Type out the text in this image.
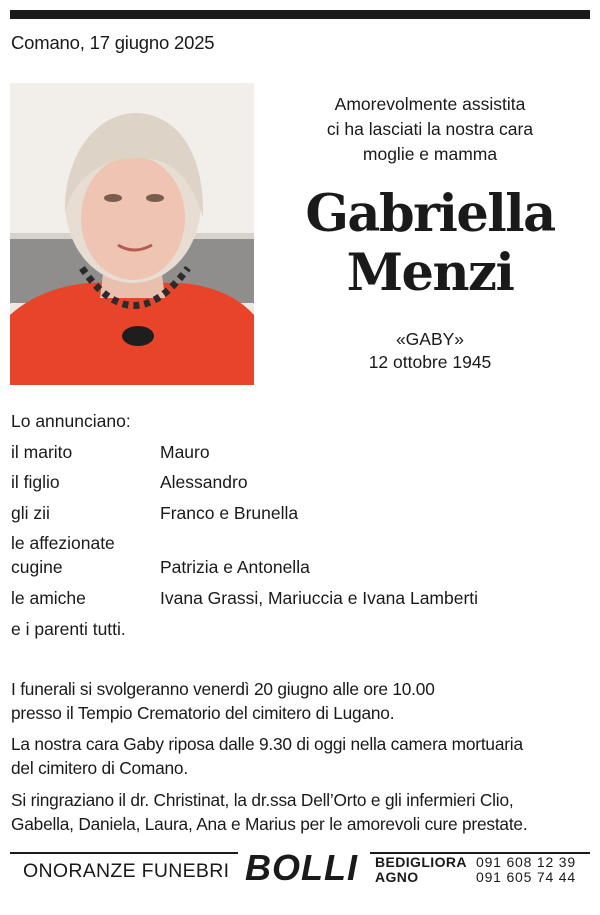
Comano, 17 giugno 2025
Amorevolmente assistita
ci ha lasciati la nostra cara
moglie e mamma
Gabriella
Menzi
«GABY»
12 ottobre 1945
Lo annunciano:
il marito	Mauro
il figlio	Alessandro
gli zii	Franco e Brunella
le affezionate
cugine	Patrizia e Antonella
le amiche	Ivana Grassi, Mariuccia e Ivana Lamberti
e i parenti tutti.
I funerali si svolgeranno venerdì 20 giugno alle ore 10.00
presso il Tempio Crematorio del cimitero di Lugano.
La nostra cara Gaby riposa dalle 9.30 di oggi nella camera mortuaria
del cimitero di Comano.
Si ringraziano il dr. Christinat, la dr.ssa Dell’Orto e gli infermieri Clio,
Gabella, Daniela, Laura, Ana e Marius per le amorevoli cure prestate.
ONORANZE FUNEBRI BOLLI BEDIGLIORA 091 608 12 39
AGNO	091 605 74 44
